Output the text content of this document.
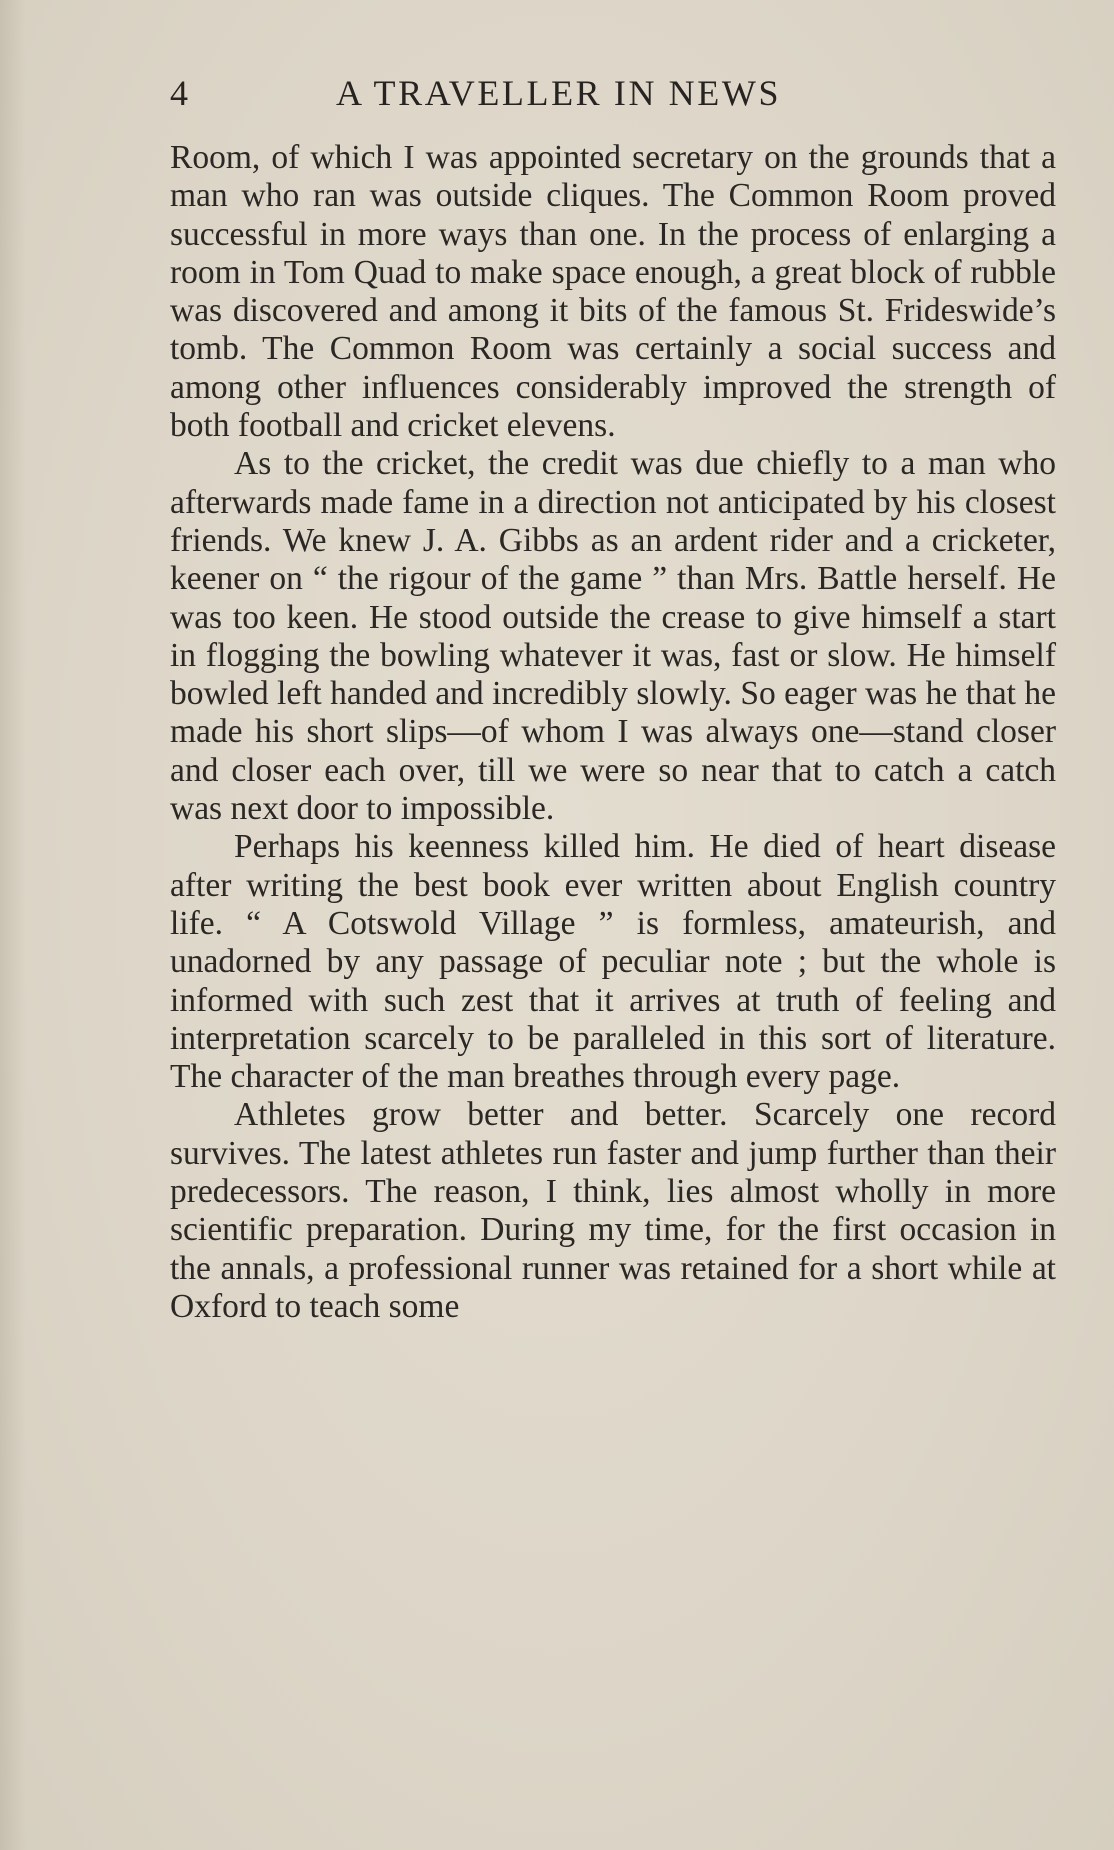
4	A TRAVELLER IN NEWS

Room, of which I was appointed secretary on the grounds that a man who ran was outside cliques. The Common Room proved successful in more ways than one. In the process of enlarging a room in Tom Quad to make space enough, a great block of rubble was discovered and among it bits of the famous St. Frideswide’s tomb. The Common Room was certainly a social success and among other influences considerably improved the strength of both football and cricket elevens.

As to the cricket, the credit was due chiefly to a man who afterwards made fame in a direction not anticipated by his closest friends. We knew J. A. Gibbs as an ardent rider and a cricketer, keener on “ the rigour of the game ” than Mrs. Battle herself. He was too keen. He stood outside the crease to give himself a start in flogging the bowling whatever it was, fast or slow. He himself bowled left handed and incredibly slowly. So eager was he that he made his short slips—of whom I was always one—stand closer and closer each over, till we were so near that to catch a catch was next door to impossible.

Perhaps his keenness killed him. He died of heart disease after writing the best book ever written about English country life. “ A Cotswold Village ” is formless, amateurish, and unadorned by any passage of peculiar note ; but the whole is informed with such zest that it arrives at truth of feeling and interpretation scarcely to be paralleled in this sort of literature. The character of the man breathes through every page.

Athletes grow better and better. Scarcely one record survives. The latest athletes run faster and jump further than their predecessors. The reason, I think, lies almost wholly in more scientific preparation. During my time, for the first occasion in the annals, a professional runner was retained for a short while at Oxford to teach some
